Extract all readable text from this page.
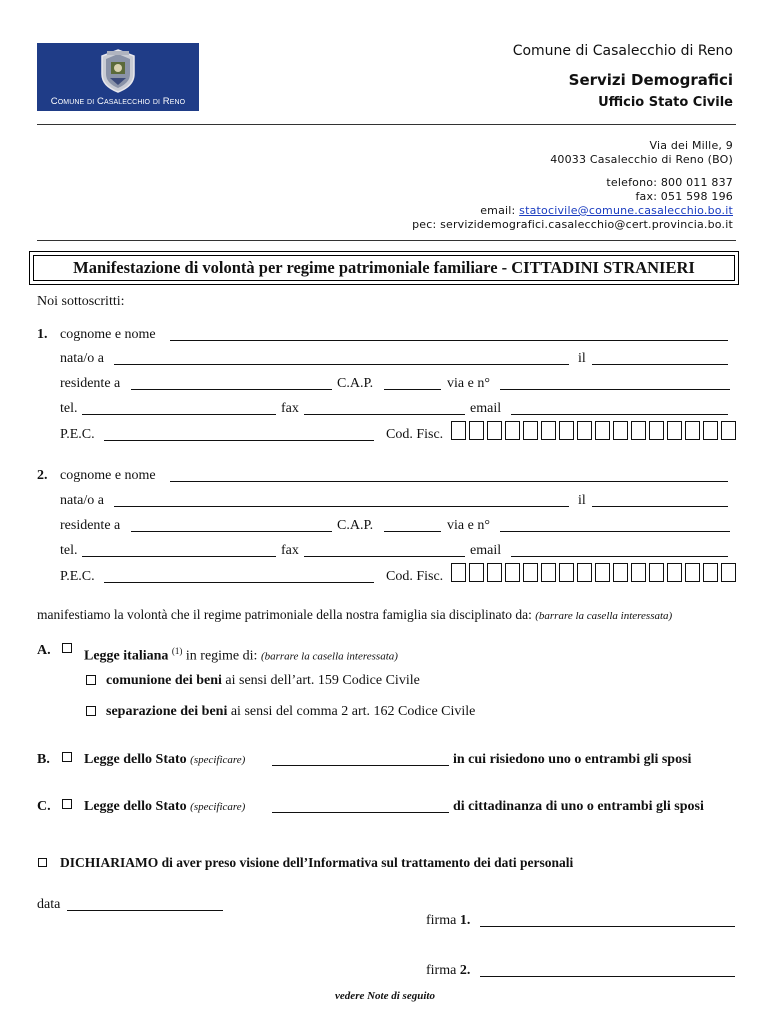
Comune di Casalecchio di Reno
Comune di Casalecchio di Reno
Servizi Demografici
Ufficio Stato Civile
Via dei Mille, 9
40033 Casalecchio di Reno (BO)
telefono: 800 011 837
fax: 051 598 196
email: statocivile@comune.casalecchio.bo.it
pec: servizidemografici.casalecchio@cert.provincia.bo.it
Manifestazione di volontà per regime patrimoniale familiare - CITTADINI STRANIERI
Noi sottoscritti:
1. cognome e nome
nata/o a	il
residente a	C.A.P.	via e n°
tel.	fax	email
P.E.C.	Cod. Fisc.
2. cognome e nome
nata/o a	il
residente a	C.A.P.	via e n°
tel.	fax	email
P.E.C.	Cod. Fisc.
manifestiamo la volontà che il regime patrimoniale della nostra famiglia sia disciplinato da: (barrare la casella interessata)
A. Legge italiana $^{(1)}$ in regime di: (barrare la casella interessata)
comunione dei beni ai sensi dell’art. 159 Codice Civile
separazione dei beni ai sensi del comma 2 art. 162 Codice Civile
B. Legge dello Stato (specificare)	in cui risiedono uno o entrambi gli sposi
C. Legge dello Stato (specificare)	di cittadinanza di uno o entrambi gli sposi
DICHIARIAMO di aver preso visione dell’Informativa sul trattamento dei dati personali
data
firma 1.
firma 2.
vedere Note di seguito
